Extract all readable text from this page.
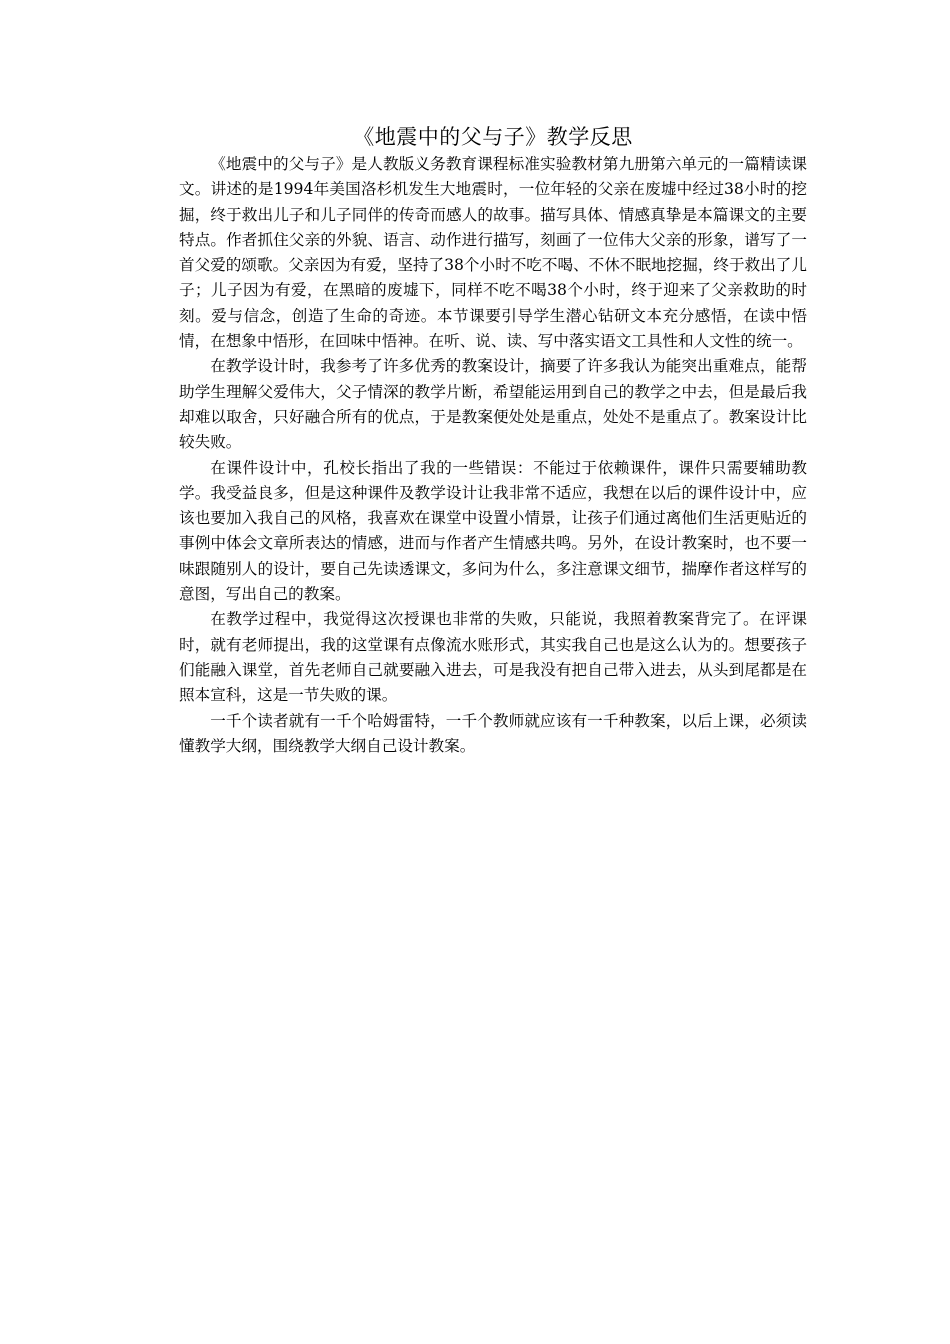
《地震中的父与子》教学反思

《地震中的父与子》是人教版义务教育课程标准实验教材第九册第六单元的一篇精读课文。讲述的是1994年美国洛杉机发生大地震时，一位年轻的父亲在废墟中经过38小时的挖掘，终于救出儿子和儿子同伴的传奇而感人的故事。描写具体、情感真挚是本篇课文的主要特点。作者抓住父亲的外貌、语言、动作进行描写，刻画了一位伟大父亲的形象，谱写了一首父爱的颂歌。父亲因为有爱，坚持了38个小时不吃不喝、不休不眠地挖掘，终于救出了儿子；儿子因为有爱，在黑暗的废墟下，同样不吃不喝38个小时，终于迎来了父亲救助的时刻。爱与信念，创造了生命的奇迹。本节课要引导学生潜心钻研文本充分感悟，在读中悟情，在想象中悟形，在回味中悟神。在听、说、读、写中落实语文工具性和人文性的统一。

在教学设计时，我参考了许多优秀的教案设计，摘要了许多我认为能突出重难点，能帮助学生理解父爱伟大，父子情深的教学片断，希望能运用到自己的教学之中去，但是最后我却难以取舍，只好融合所有的优点，于是教案便处处是重点，处处不是重点了。教案设计比较失败。

在课件设计中，孔校长指出了我的一些错误：不能过于依赖课件，课件只需要辅助教学。我受益良多，但是这种课件及教学设计让我非常不适应，我想在以后的课件设计中，应该也要加入我自己的风格，我喜欢在课堂中设置小情景，让孩子们通过离他们生活更贴近的事例中体会文章所表达的情感，进而与作者产生情感共鸣。另外，在设计教案时，也不要一味跟随别人的设计，要自己先读透课文，多问为什么，多注意课文细节，揣摩作者这样写的意图，写出自己的教案。

在教学过程中，我觉得这次授课也非常的失败，只能说，我照着教案背完了。在评课时，就有老师提出，我的这堂课有点像流水账形式，其实我自己也是这么认为的。想要孩子们能融入课堂，首先老师自己就要融入进去，可是我没有把自己带入进去，从头到尾都是在照本宣科，这是一节失败的课。

一千个读者就有一千个哈姆雷特，一千个教师就应该有一千种教案，以后上课，必须读懂教学大纲，围绕教学大纲自己设计教案。
